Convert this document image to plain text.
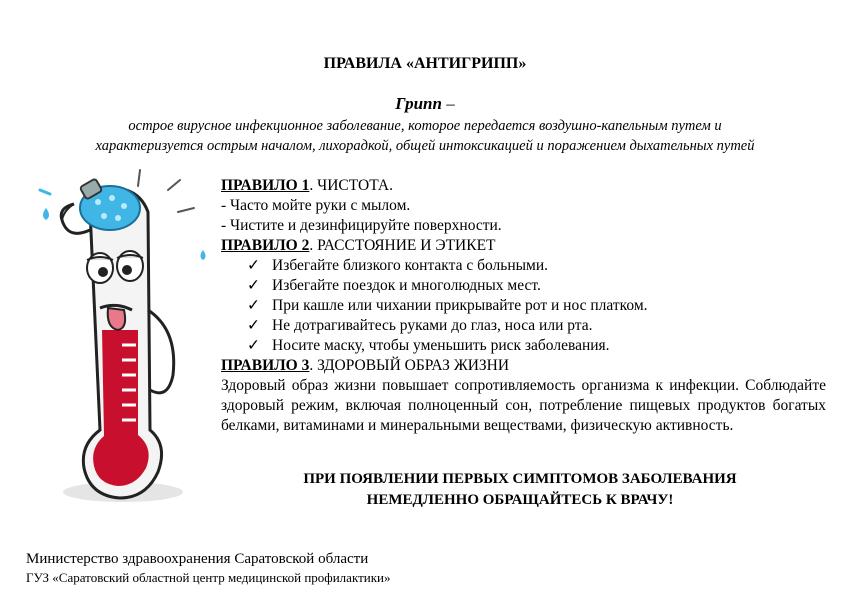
ПРАВИЛА «АНТИГРИПП»
Грипп –
острое вирусное инфекционное заболевание, которое передается воздушно-капельным путем и
характеризуется острым началом, лихорадкой, общей интоксикацией и поражением дыхательных путей
ПРАВИЛО 1. ЧИСТОТА.
- Часто мойте руки с мылом.
- Чистите и дезинфицируйте поверхности.
ПРАВИЛО 2. РАССТОЯНИЕ И ЭТИКЕТ
✓ Избегайте близкого контакта с больными.
✓ Избегайте поездок и многолюдных мест.
✓ При кашле или чихании прикрывайте рот и нос платком.
✓ Не дотрагивайтесь руками до глаз, носа или рта.
✓ Носите маску, чтобы уменьшить риск заболевания.
ПРАВИЛО 3. ЗДОРОВЫЙ ОБРАЗ ЖИЗНИ
Здоровый образ жизни повышает сопротивляемость организма к инфекции. Соблюдайте здоровый режим, включая полноценный сон, потребление пищевых продуктов богатых белками, витаминами и минеральными веществами, физическую активность.
ПРИ ПОЯВЛЕНИИ ПЕРВЫХ СИМПТОМОВ ЗАБОЛЕВАНИЯ
НЕМЕДЛЕННО ОБРАЩАЙТЕСЬ К ВРАЧУ!
Министерство здравоохранения Саратовской области
ГУЗ «Саратовский областной центр медицинской профилактики»
